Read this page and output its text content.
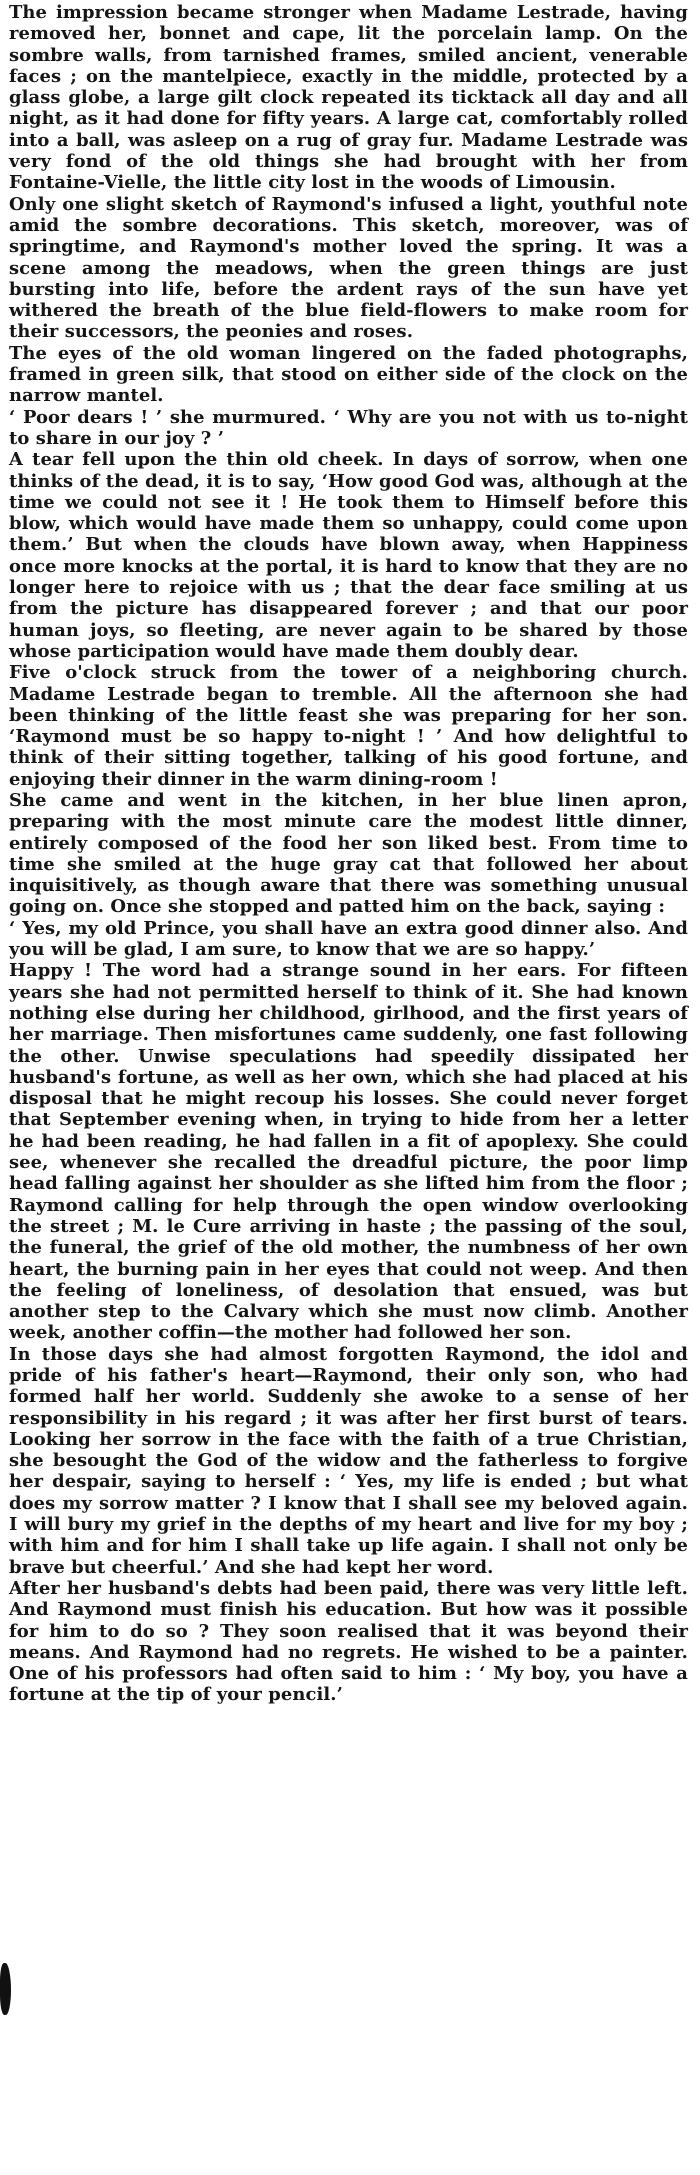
The impression became stronger when Madame Lestrade, having removed her, bonnet and cape, lit the porcelain lamp. On the sombre walls, from tarnished frames, smiled ancient, venerable faces ; on the mantelpiece, exactly in the middle, protected by a glass globe, a large gilt clock repeated its ticktack all day and all night, as it had done for fifty years. A large cat, comfortably rolled into a ball, was asleep on a rug of gray fur. Madame Lestrade was very fond of the old things she had brought with her from Fontaine-Vielle, the little city lost in the woods of Limousin.

Only one slight sketch of Raymond's infused a light, youthful note amid the sombre decorations. This sketch, moreover, was of springtime, and Raymond's mother loved the spring. It was a scene among the meadows, when the green things are just bursting into life, before the ardent rays of the sun have yet withered the breath of the blue field-flowers to make room for their successors, the peonies and roses.

The eyes of the old woman lingered on the faded photographs, framed in green silk, that stood on either side of the clock on the narrow mantel.

‘ Poor dears ! ’ she murmured. ‘ Why are you not with us to-night to share in our joy ? ’

A tear fell upon the thin old cheek. In days of sorrow, when one thinks of the dead, it is to say, ‘How good God was, although at the time we could not see it ! He took them to Himself before this blow, which would have made them so unhappy, could come upon them.’ But when the clouds have blown away, when Happiness once more knocks at the portal, it is hard to know that they are no longer here to rejoice with us ; that the dear face smiling at us from the picture has disappeared forever ; and that our poor human joys, so fleeting, are never again to be shared by those whose participation would have made them doubly dear.

Five o'clock struck from the tower of a neighboring church. Madame Lestrade began to tremble. All the afternoon she had been thinking of the little feast she was preparing for her son. ‘Raymond must be so happy to-night ! ’ And how delightful to think of their sitting together, talking of his good fortune, and enjoying their dinner in the warm dining-room !

She came and went in the kitchen, in her blue linen apron, preparing with the most minute care the modest little dinner, entirely composed of the food her son liked best. From time to time she smiled at the huge gray cat that followed her about inquisitively, as though aware that there was something unusual going on. Once she stopped and patted him on the back, saying :

‘ Yes, my old Prince, you shall have an extra good dinner also. And you will be glad, I am sure, to know that we are so happy.’

Happy ! The word had a strange sound in her ears. For fifteen years she had not permitted herself to think of it. She had known nothing else during her childhood, girlhood, and the first years of her marriage. Then misfortunes came suddenly, one fast following the other. Unwise speculations had speedily dissipated her husband's fortune, as well as her own, which she had placed at his disposal that he might recoup his losses. She could never forget that September evening when, in trying to hide from her a letter he had been reading, he had fallen in a fit of apoplexy. She could see, whenever she recalled the dreadful picture, the poor limp head falling against her shoulder as she lifted him from the floor ; Raymond calling for help through the open window overlooking the street ; M. le Cure arriving in haste ; the passing of the soul, the funeral, the grief of the old mother, the numbness of her own heart, the burning pain in her eyes that could not weep. And then the feeling of loneliness, of desolation that ensued, was but another step to the Calvary which she must now climb. Another week, another coffin—the mother had followed her son.

In those days she had almost forgotten Raymond, the idol and pride of his father's heart—Raymond, their only son, who had formed half her world. Suddenly she awoke to a sense of her responsibility in his regard ; it was after her first burst of tears. Looking her sorrow in the face with the faith of a true Christian, she besought the God of the widow and the fatherless to forgive her despair, saying to herself : ‘ Yes, my life is ended ; but what does my sorrow matter ? I know that I shall see my beloved again. I will bury my grief in the depths of my heart and live for my boy ; with him and for him I shall take up life again. I shall not only be brave but cheerful.’ And she had kept her word.

After her husband's debts had been paid, there was very little left. And Raymond must finish his education. But how was it possible for him to do so ? They soon realised that it was beyond their means. And Raymond had no regrets. He wished to be a painter. One of his professors had often said to him : ‘ My boy, you have a fortune at the tip of your pencil.’
